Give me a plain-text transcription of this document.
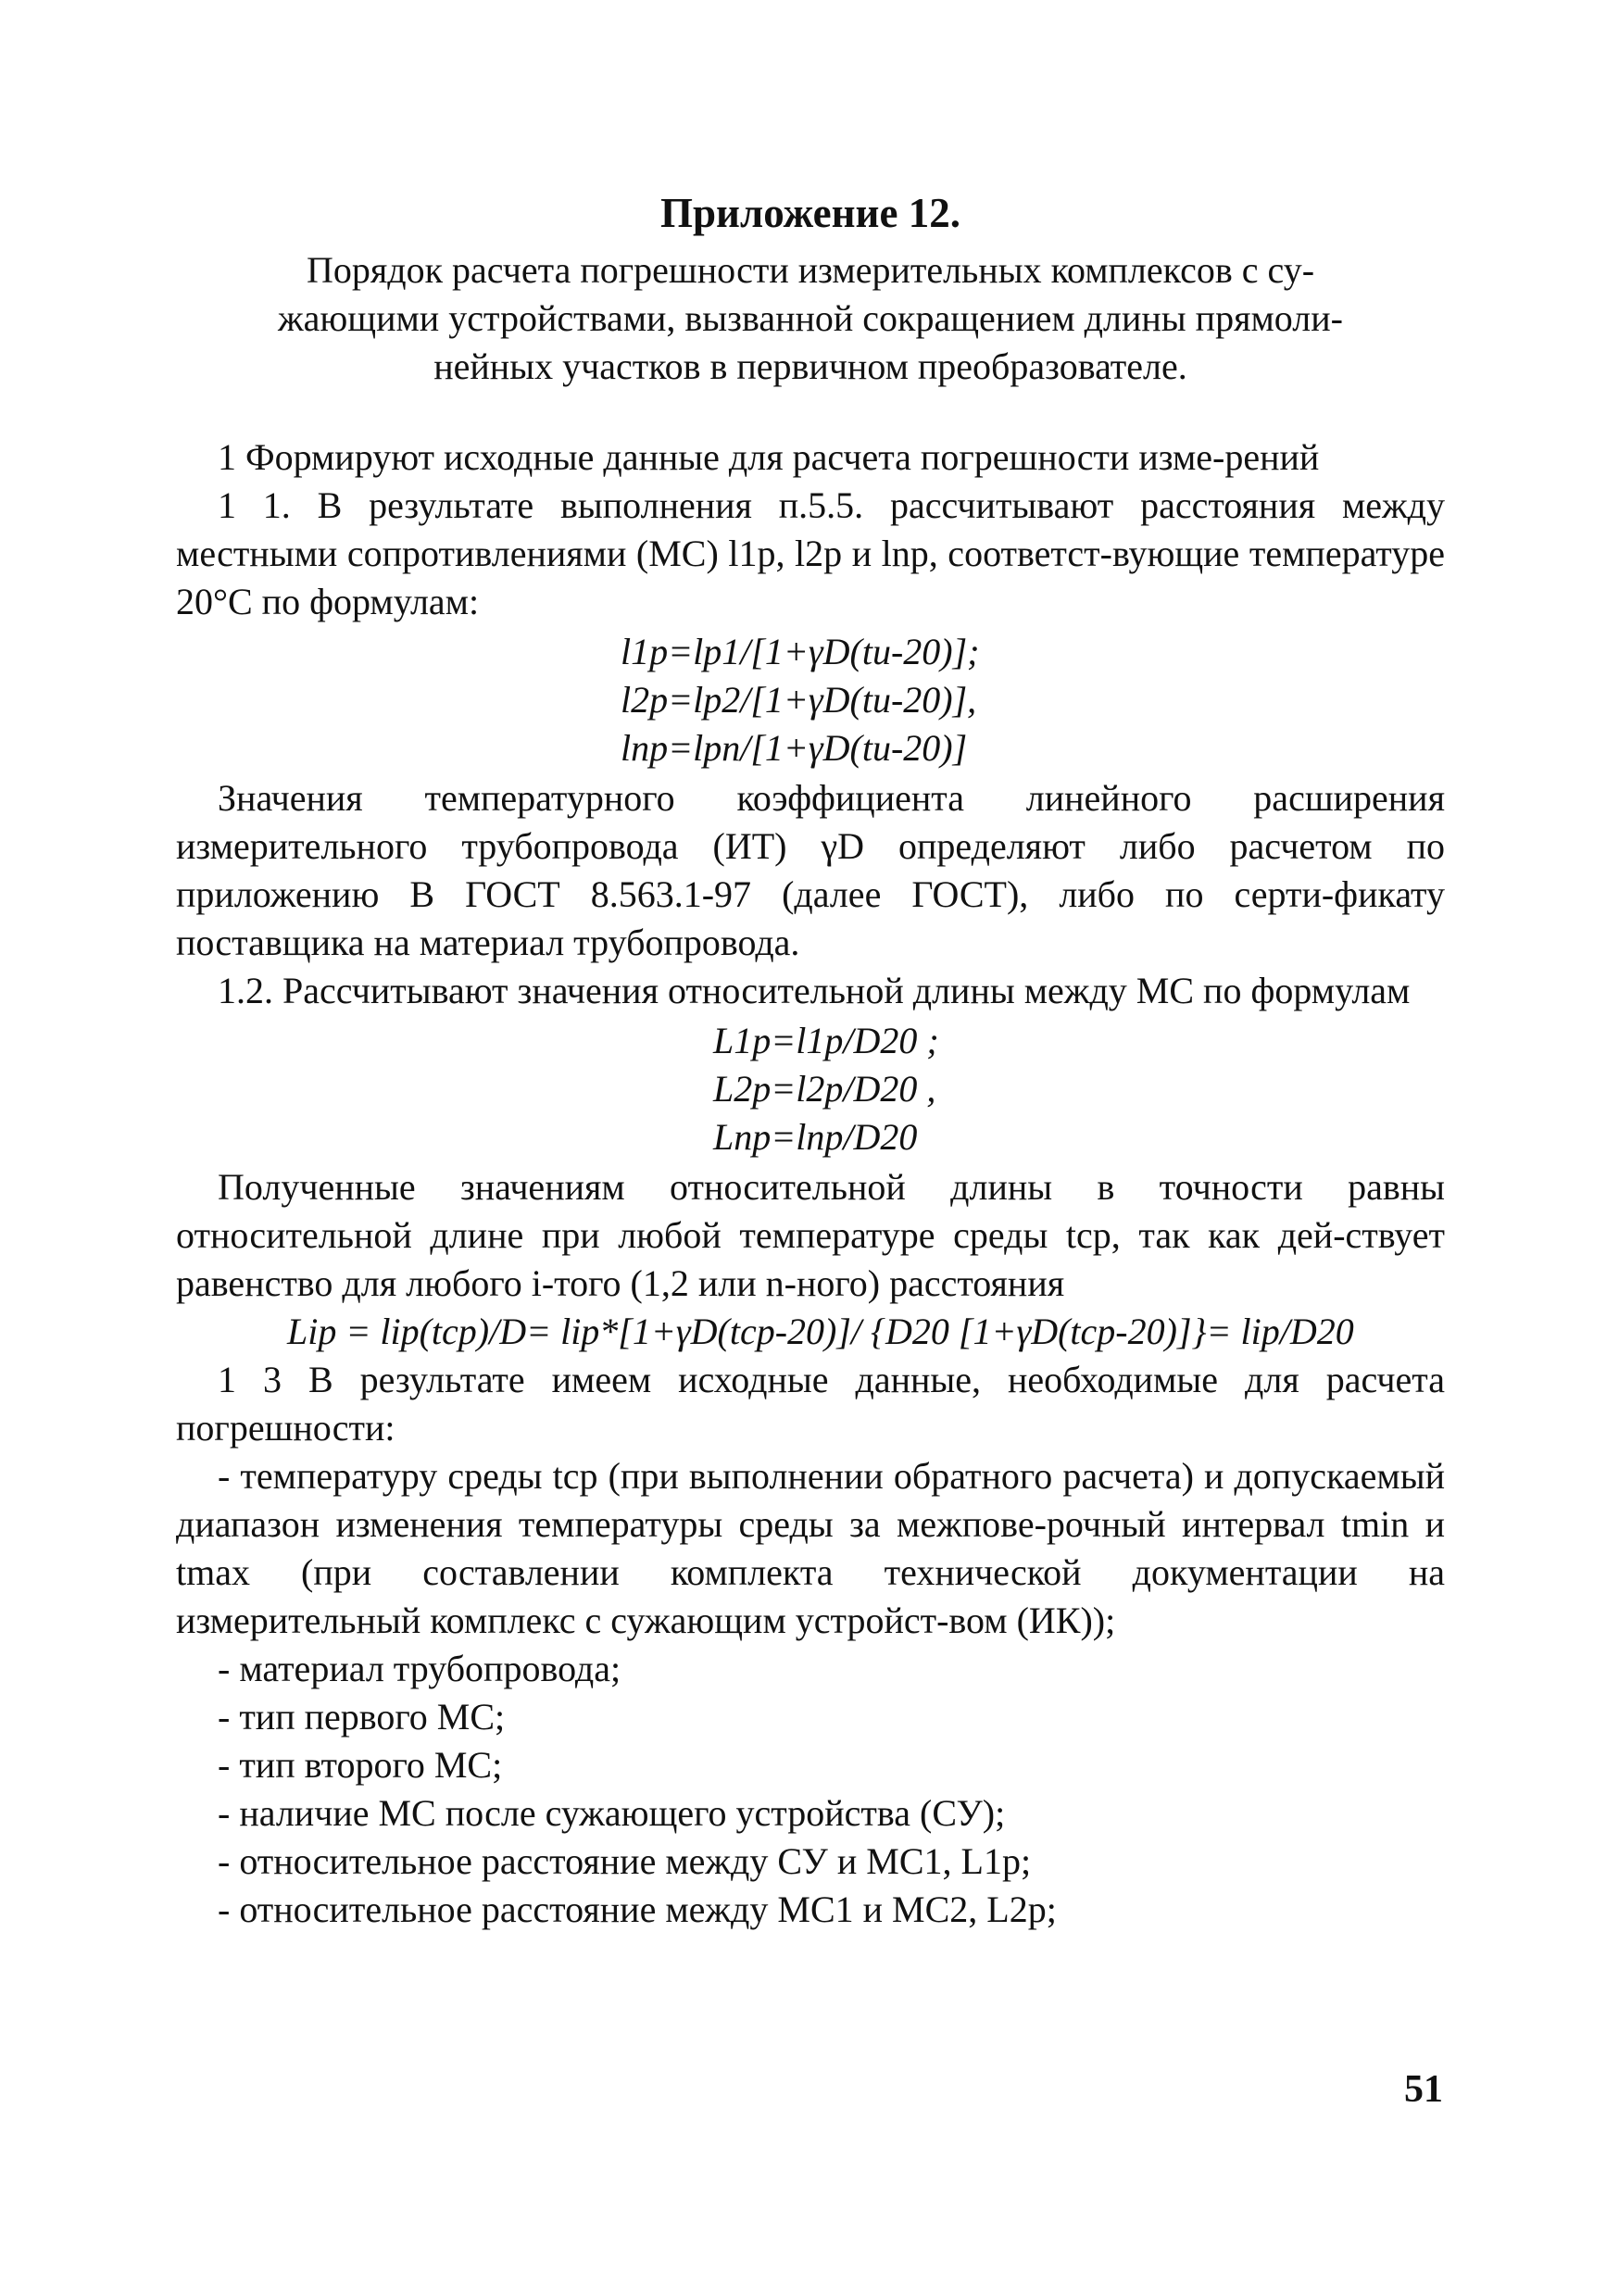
Приложение 12.

Порядок расчета погрешности измерительных комплексов с су-
жающими устройствами, вызванной сокращением длины прямоли-
нейных участков в первичном преобразователе.

1 Формируют исходные данные для расчета погрешности изме-рений

1 1. В результате выполнения п.5.5. рассчитывают расстояния между местными сопротивлениями (МС) l1p, l2p и lnp, соответст-вующие температуре 20°С по формулам:

l1p=lp1/[1+γD(tu-20)];

l2p=lp2/[1+γD(tu-20)],

lnp=lpn/[1+γD(tu-20)]

Значения температурного коэффициента линейного расширения измерительного трубопровода (ИТ) γD определяют либо расчетом по приложению В ГОСТ 8.563.1-97 (далее ГОСТ), либо по серти-фикату поставщика на материал трубопровода.

1.2. Рассчитывают значения относительной длины между МС по формулам

L1p=l1p/D20 ;

L2p=l2p/D20 ,

Lnp=lnp/D20

Полученные значениям относительной длины в точности равны относительной длине при любой температуре среды tcp, так как дей-ствует равенство для любого i-того (1,2 или n-ного) расстояния

Lip = lip(tcp)/D= lip*[1+γD(tcp-20)]/ {D20 [1+γD(tcp-20)]}= lip/D20

1 3 В результате имеем исходные данные, необходимые для расчета погрешности:

- температуру среды tcp (при выполнении обратного расчета) и допускаемый диапазон изменения температуры среды за межпове-рочный интервал tmin и tmax (при составлении комплекта технической документации на измерительный комплекс с сужающим устройст-вом (ИК));

- материал трубопровода;

- тип первого МС;

- тип второго МС;

- наличие МС после сужающего устройства (СУ);

- относительное расстояние между СУ и МС1, L1p;

- относительное расстояние между МС1 и МС2, L2p;

51
